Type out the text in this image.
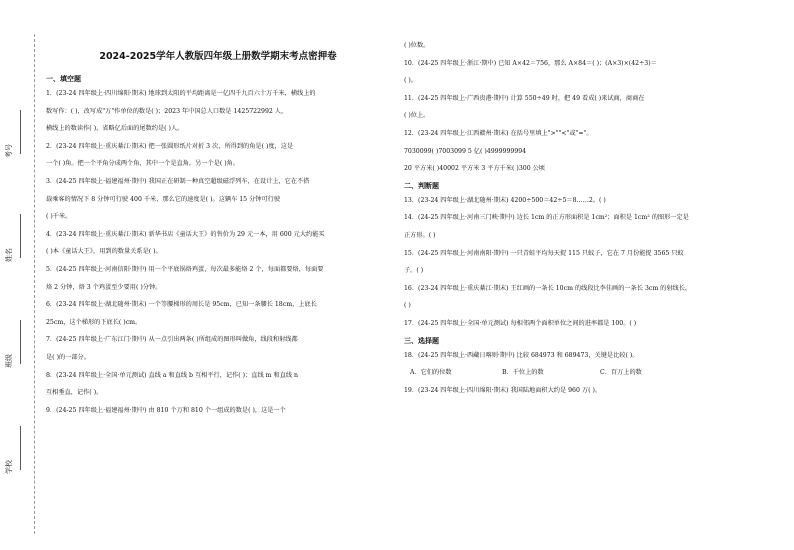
考号
姓名
班级
学校
2024-2025学年人教版四年级上册数学期末考点密押卷
一、填空题
1．(23-24 四年级上·四川绵阳·期末) 地球到太阳的平均距离是一亿四千九百六十万千米，横线上的
数写作：( )，改写成"万"作单位的数是( )；2023 年中国总人口数是 1425722992 人，
横线上的数读作( )，省略亿后面的尾数约是( )人。
2．(23-24 四年级上·重庆綦江·期末) 把一张圆形纸片对折 3 次，所得到的角是( )度，这是
一个( )角。把一个平角分成两个角，其中一个是直角，另一个是( )角。
3．(24-25 四年级上·福建福州·期中) 我国正在研制一种真空超级磁浮列车，在设计上，它在不搭
载乘客的情况下 8 分钟可行驶 400 千米，那么它的速度是( )。这辆车 15 分钟可行驶
( )千米。
4．(23-24 四年级上·重庆綦江·期末) 新华书店《童话大王》的售价为 29 元一本，用 600 元大约能买
( )本《童话大王》，用到的数量关系是( )。
5．(24-25 四年级上·河南信阳·期中) 用一个平底锅烙鸡蛋，每次最多能烙 2 个，每面都要烙，每面要
烙 2 分钟，烙 3 个鸡蛋至少要用( )分钟。
6．(23-24 四年级上·湖北随州·期末) 一个等腰梯形的周长是 95cm，已知一条腰长 18cm，上底长
25cm，这个梯形的下底长( )cm。
7．(24-25 四年级上·广东江门·期中) 从一点引出两条( )所组成的图形叫做角，线段和射线都
是( )的一部分。
8．(23-24 四年级上·全国·单元测试) 直线 a 和直线 b 互相平行，记作( )；直线 m 和直线 n
互相垂直，记作( )。
9．(24-25 四年级上·福建福州·期中) 由 810 个万和 810 个一组成的数是( )，这是一个
( )位数。
10．(24-25 四年级上·浙江·期中) 已知 A×42＝756，那么 A×84＝( )；(A×3)×(42÷3)＝
( )。
11．(24-25 四年级上·广西贵港·期中) 计算 550÷49 时，把 49 看成( )来试商，商商在
( )位上。
12．(23-24 四年级上·江西赣州·期末) 在括号里填上">""<"或"="。
7030099( )7003099 5 亿( )4999999994
20 平方米( )40002 平方米 3 平方千米( )300 公顷
二、判断题
13．(23-24 四年级上·湖北随州·期末) 4200÷500＝42÷5＝8……2。( )
14．(24-25 四年级上·河南三门峡·期中) 边长 1cm 的正方形面积是 1cm²；面积是 1cm² 的图形一定是
正方形。( )
15．(24-25 四年级上·河南南阳·期中) 一只青蛙平均每天捉 115 只蚊子，它在 7 月份能捉 3565 只蚊
子。( )
16．(23-24 四年级上·重庆綦江·期末) 王红画的一条长 10cm 的线段比李佳画的一条长 3cm 的射线长。
( )
17．(24-25 四年级上·全国·单元测试) 每相邻两个面积单位之间的进率都是 100。( )
三、选择题
18．(24-25 四年级上·西藏日喀则·期中) 比较 684973 和 689473，关键是比较( )。
A．它们的位数	B．千位上的数	C．百万上的数
19．(23-24 四年级上·四川绵阳·期末) 我国陆地面积大约是 960 万( )。
